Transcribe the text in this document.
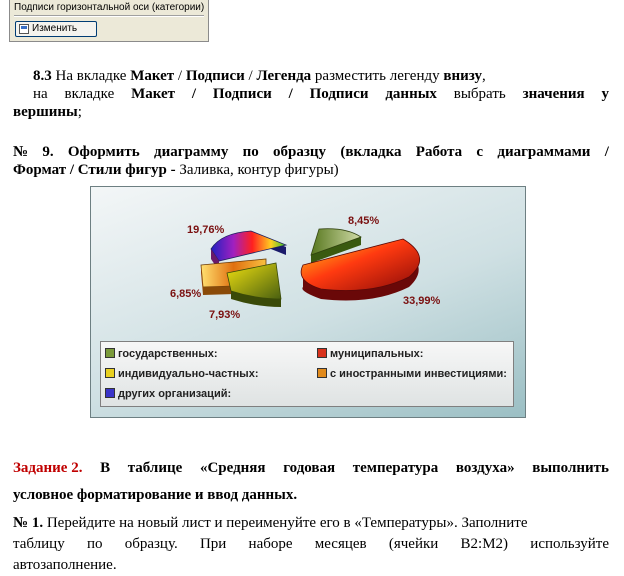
Подписи горизонтальной оси (категории)
Изменить
8.3 На вкладке Макет / Подписи / Легенда разместить легенду внизу,
на вкладке Макет / Подписи / Подписи данных выбрать значения у
вершины;
№ 9. Оформить диаграмму по образцу (вкладка Работа с диаграммами /
Формат / Стили фигур - Заливка, контур фигуры)
8,45%
33,99%
7,93%
6,85%
19,76%
государственных:	муниципальных:
индивидуально-частных:	с иностранными инвестициями:
других организаций:
Задание 2. В таблице «Средняя годовая температура воздуха» выполнить
условное форматирование и ввод данных.
№ 1. Перейдите на новый лист и переименуйте его в «Температуры». Заполните
таблицу по образцу. При наборе месяцев (ячейки B2:M2) используйте
автозаполнение.
